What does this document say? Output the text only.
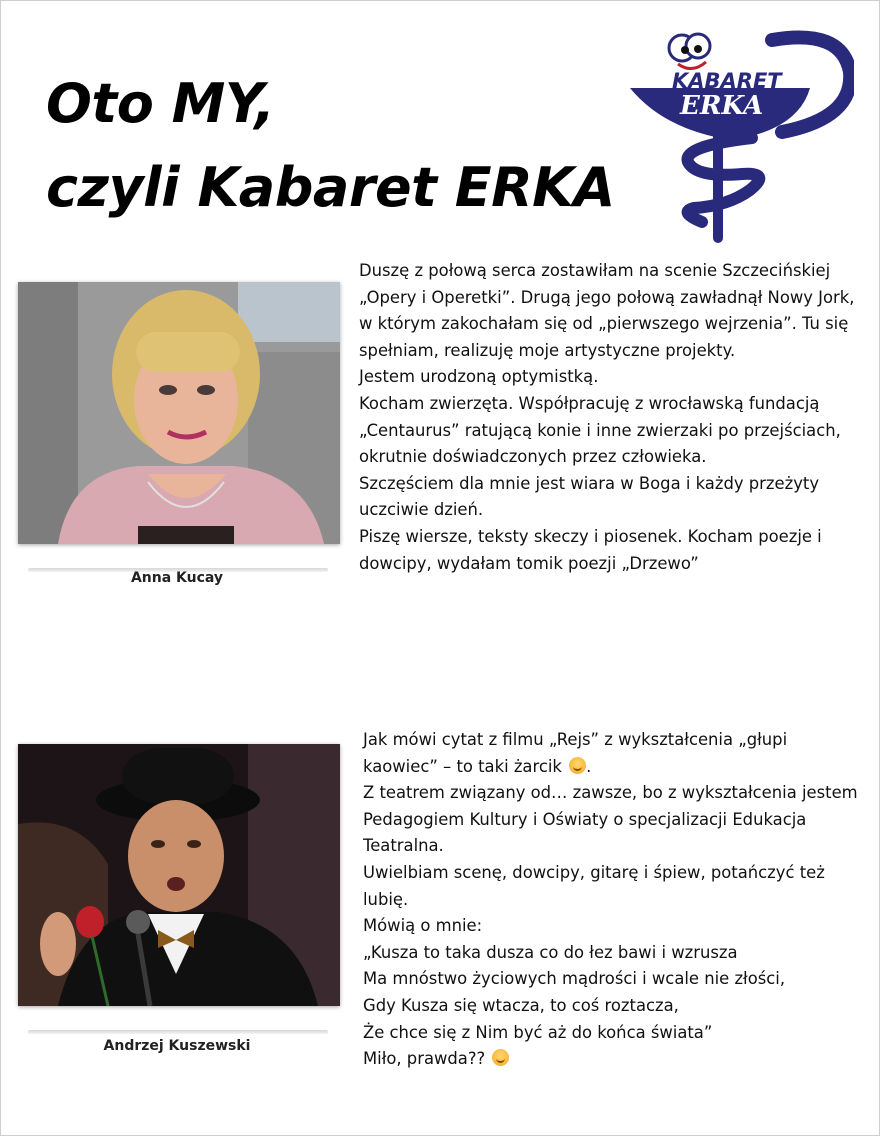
Oto MY,
czyli Kabaret ERKA
KABARET
ERKA
Anna Kucay

Duszę z połową serca zostawiłam na scenie Szczecińskiej „Opery i Operetki”. Drugą jego połową zawładnął Nowy Jork, w którym zakochałam się od „pierwszego wejrzenia”. Tu się spełniam, realizuję moje artystyczne projekty.

Jestem urodzoną optymistką.

Kocham zwierzęta. Współpracuję z wrocławską fundacją „Centaurus” ratującą konie i inne zwierzaki po przejściach, okrutnie doświadczonych przez człowieka.

Szczęściem dla mnie jest wiara w Boga i każdy przeżyty uczciwie dzień.

Piszę wiersze, teksty skeczy i piosenek. Kocham poezje i dowcipy, wydałam tomik poezji „Drzewo”

Andrzej Kuszewski

Jak mówi cytat z filmu „Rejs” z wykształcenia „głupi kaowiec” – to taki żarcik .

Z teatrem związany od… zawsze, bo z wykształcenia jestem Pedagogiem Kultury i Oświaty o specjalizacji Edukacja Teatralna.

Uwielbiam scenę, dowcipy, gitarę i śpiew, potańczyć też lubię.

Mówią o mnie:

„Kusza to taka dusza co do łez bawi i wzrusza

Ma mnóstwo życiowych mądrości i wcale nie złości,

Gdy Kusza się wtacza, to coś roztacza,

Że chce się z Nim być aż do końca świata”

Miło, prawda??
